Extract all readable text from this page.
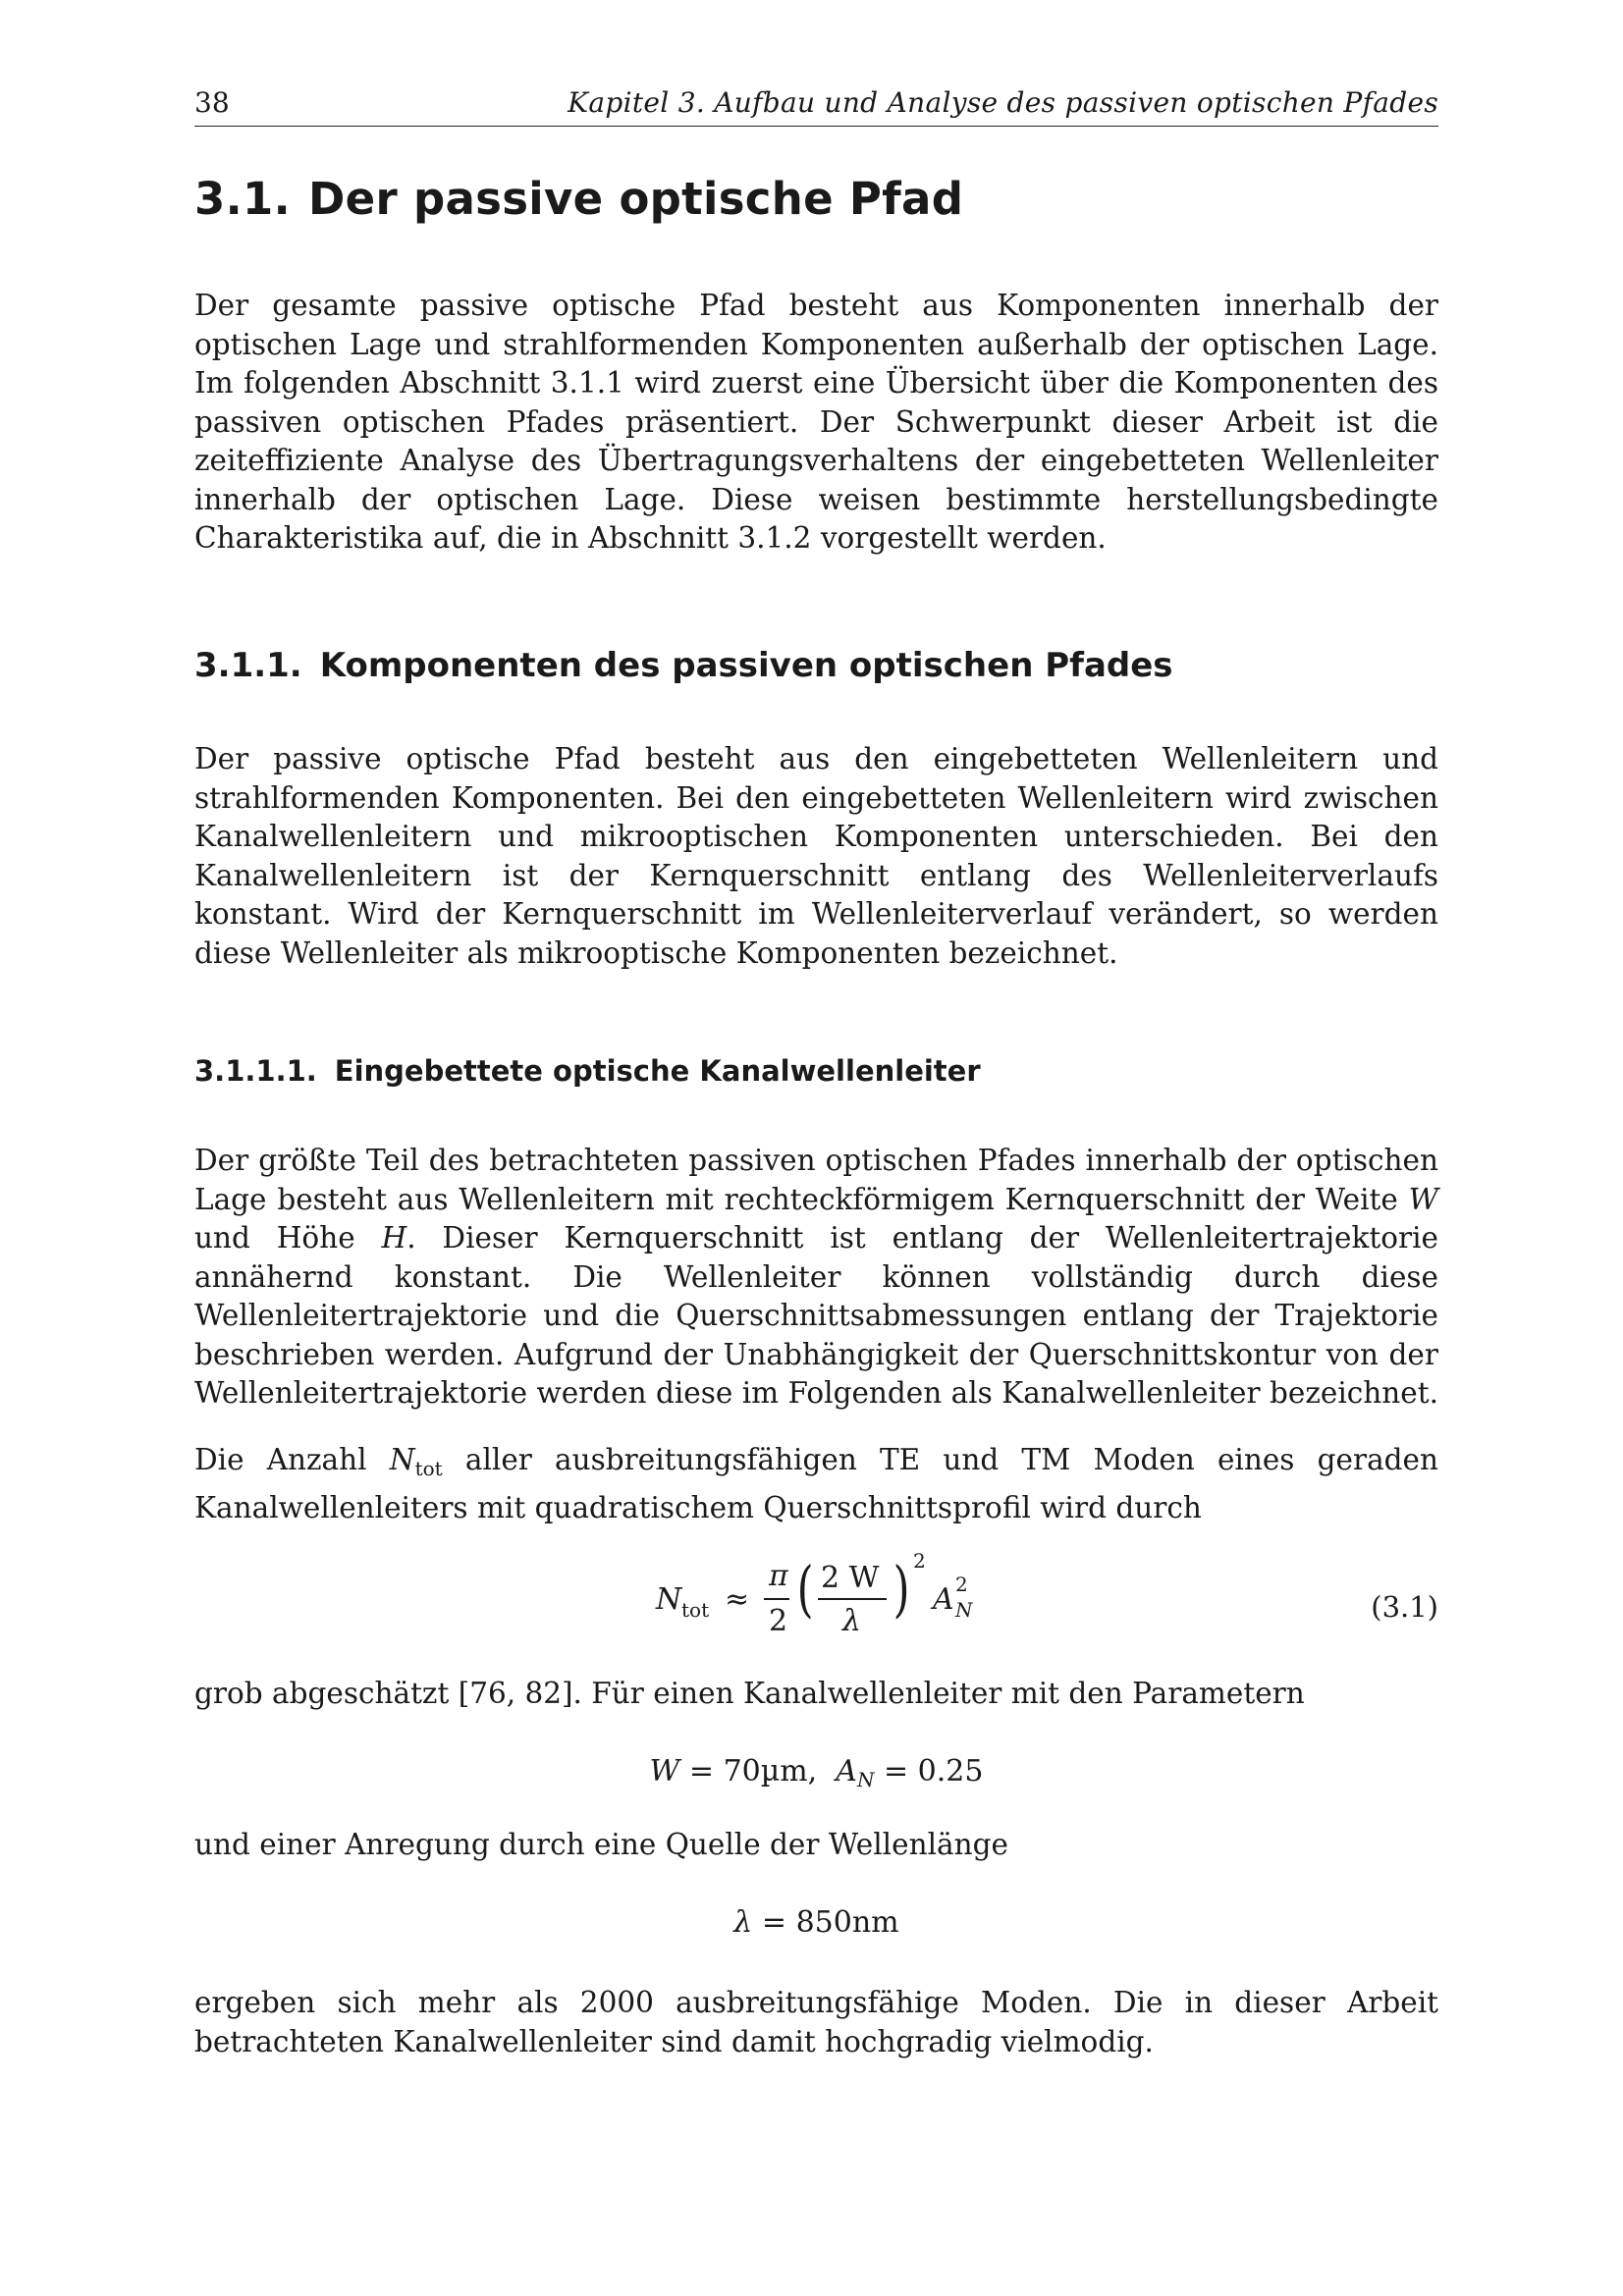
38	Kapitel 3. Aufbau und Analyse des passiven optischen Pfades
3.1. Der passive optische Pfad

Der gesamte passive optische Pfad besteht aus Komponenten innerhalb der optischen Lage und strahlformenden Komponenten außerhalb der optischen Lage. Im folgenden Abschnitt 3.1.1 wird zuerst eine Übersicht über die Komponenten des passiven optischen Pfades präsentiert. Der Schwerpunkt dieser Arbeit ist die zeiteffiziente Analyse des Übertragungsverhaltens der eingebetteten Wellenleiter innerhalb der optischen Lage. Diese weisen bestimmte herstellungsbedingte Charakteristika auf, die in Abschnitt 3.1.2 vorgestellt werden.

3.1.1. Komponenten des passiven optischen Pfades

Der passive optische Pfad besteht aus den eingebetteten Wellenleitern und strahlformenden Komponenten. Bei den eingebetteten Wellenleitern wird zwischen Kanalwellenleitern und mikrooptischen Komponenten unterschieden. Bei den Kanalwellenleitern ist der Kernquerschnitt entlang des Wellenleiterverlaufs konstant. Wird der Kernquerschnitt im Wellenleiterverlauf verändert, so werden diese Wellenleiter als mikrooptische Komponenten bezeichnet.

3.1.1.1. Eingebettete optische Kanalwellenleiter

Der größte Teil des betrachteten passiven optischen Pfades innerhalb der optischen Lage besteht aus Wellenleitern mit rechteckförmigem Kernquerschnitt der Weite W und Höhe H. Dieser Kernquerschnitt ist entlang der Wellenleitertrajektorie annähernd konstant. Die Wellenleiter können vollständig durch diese Wellenleitertrajektorie und die Querschnittsabmessungen entlang der Trajektorie beschrieben werden. Aufgrund der Unabhängigkeit der Querschnittskontur von der Wellenleitertrajektorie werden diese im Folgenden als Kanalwellenleiter bezeichnet.

Die Anzahl $N_{tot}$ aller ausbreitungsfähigen TE und TM Moden eines geraden Kanalwellenleiters mit quadratischem Querschnittsprofil wird durch

N tot ≈
π
2 ( 2 W
λ ) 2
A 2
N	(3.1)

grob abgeschätzt [76, 82]. Für einen Kanalwellenleiter mit den Parametern

W = 70µm,  $A_N = 0.25$

und einer Anregung durch eine Quelle der Wellenlänge

λ = 850nm

ergeben sich mehr als 2000 ausbreitungsfähige Moden. Die in dieser Arbeit betrachteten Kanalwellenleiter sind damit hochgradig vielmodig.
